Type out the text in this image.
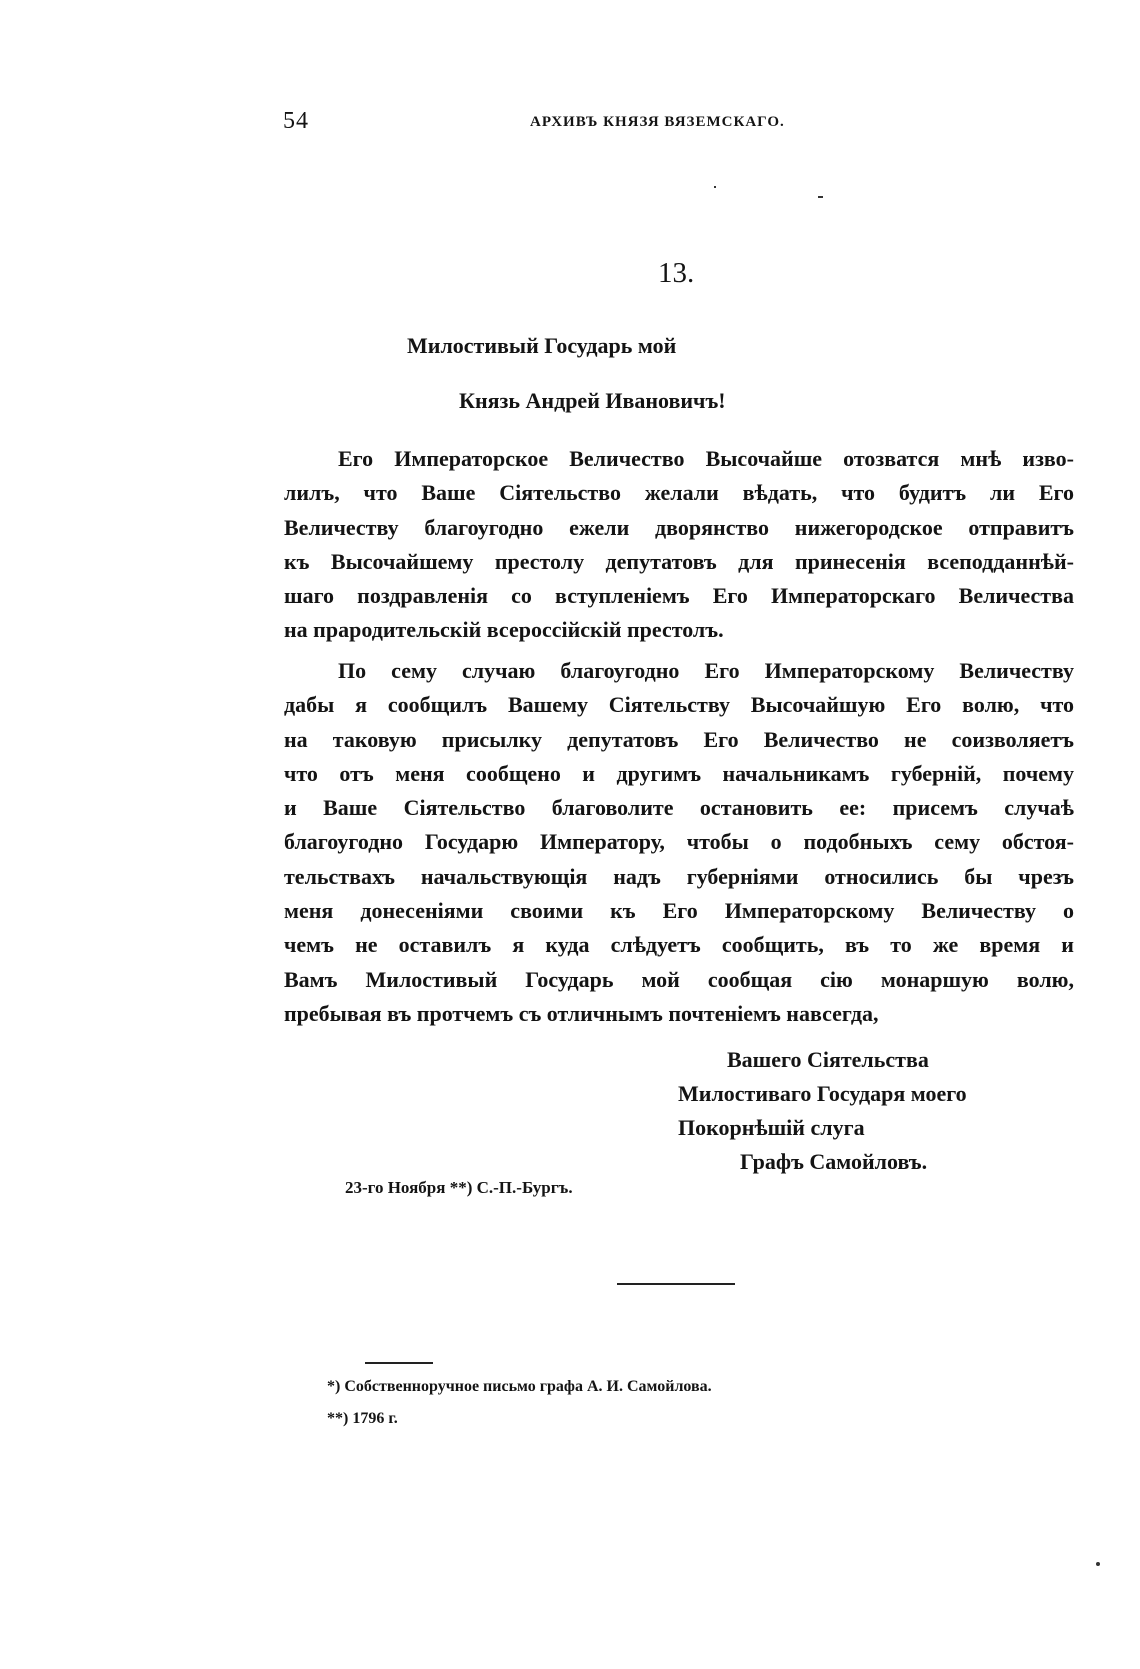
54	АРХИВЪ КНЯЗЯ ВЯЗЕМСКАГО.
13.
Милостивый Государь мой
Князь Андрей Ивановичъ!
Его Императорское Величество Высочайше отозватся мнѣ изво-
лилъ, что Ваше Сіятельство желали вѣдать, что будитъ ли Его
Величеству благоугодно ежели дворянство нижегородское отправитъ
къ Высочайшему престолу депутатовъ для принесенія всеподданнѣй-
шаго поздравленія со вступленіемъ Его Императорскаго Величества
на прародительскій всероссійскій престолъ.
По сему случаю благоугодно Его Императорскому Величеству
дабы я сообщилъ Вашему Сіятельству Высочайшую Его волю, что
на таковую присылку депутатовъ Его Величество не соизволяетъ
что отъ меня сообщено и другимъ начальникамъ губерній, почему
и Ваше Сіятельство благоволите остановить ее: присемъ случаѣ
благоугодно Государю Императору, чтобы о подобныхъ сему обстоя-
тельствахъ начальствующія надъ губерніями относились бы чрезъ
меня донесеніями своими къ Его Императорскому Величеству о
чемъ не оставилъ я куда слѣдуетъ сообщить, въ то же время и
Вамъ Милостивый Государь мой сообщая сію монаршую волю,
пребывая въ протчемъ съ отличнымъ почтеніемъ навсегда,
Вашего Сіятельства
Милостиваго Государя моего
Покорнѣшій слуга
Графъ Самойловъ.
23-го Ноября **) С.-П.-Бургъ.
*) Собственноручное письмо графа А. И. Самойлова.
**) 1796 г.
